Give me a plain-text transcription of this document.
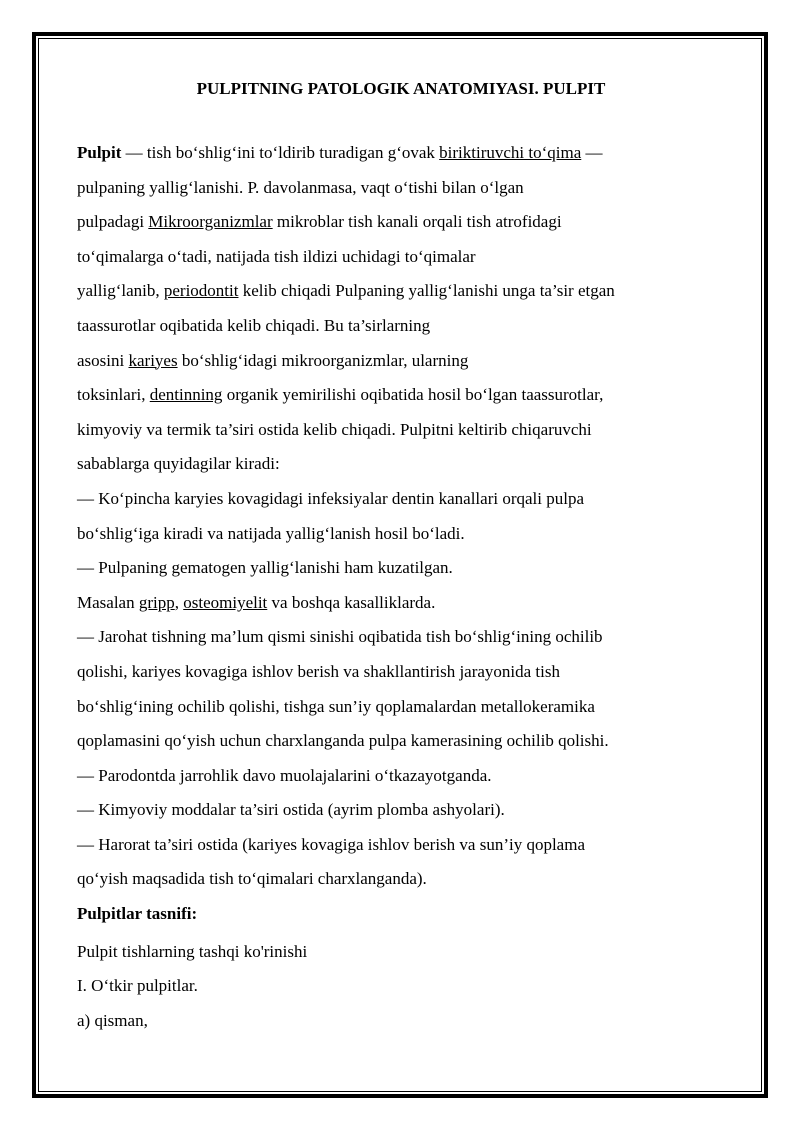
PULPITNING PATOLOGIK ANATOMIYASI. PULPIT
Pulpit — tish bo‘shlig‘ini to‘ldirib turadigan g‘ovak biriktiruvchi to‘qima —
pulpaning yallig‘lanishi. P. davolanmasa, vaqt o‘tishi bilan o‘lgan
pulpadagi Mikroorganizmlar mikroblar tish kanali orqali tish atrofidagi
to‘qimalarga o‘tadi, natijada tish ildizi uchidagi to‘qimalar
yallig‘lanib, periodontit kelib chiqadi Pulpaning yallig‘lanishi unga ta’sir etgan
taassurotlar oqibatida kelib chiqadi. Bu ta’sirlarning
asosini kariyes bo‘shlig‘idagi mikroorganizmlar, ularning
toksinlari, dentinning organik yemirilishi oqibatida hosil bo‘lgan taassurotlar,
kimyoviy va termik ta’siri ostida kelib chiqadi. Pulpitni keltirib chiqaruvchi
sabablarga quyidagilar kiradi:
— Ko‘pincha karyies kovagidagi infeksiyalar dentin kanallari orqali pulpa
bo‘shlig‘iga kiradi va natijada yallig‘lanish hosil bo‘ladi.
— Pulpaning gematogen yallig‘lanishi ham kuzatilgan.
Masalan gripp, osteomiyelit va boshqa kasalliklarda.
— Jarohat tishning ma’lum qismi sinishi oqibatida tish bo‘shlig‘ining ochilib
qolishi, kariyes kovagiga ishlov berish va shakllantirish jarayonida tish
bo‘shlig‘ining ochilib qolishi, tishga sun’iy qoplamalardan metallokeramika
qoplamasini qo‘yish uchun charxlanganda pulpa kamerasining ochilib qolishi.
— Parodontda jarrohlik davo muolajalarini o‘tkazayotganda.
— Kimyoviy moddalar ta’siri ostida (ayrim plomba ashyolari).
— Harorat ta’siri ostida (kariyes kovagiga ishlov berish va sun’iy qoplama
qo‘yish maqsadida tish to‘qimalari charxlanganda).
Pulpitlar tasnifi:
Pulpit tishlarning tashqi ko'rinishi
I. O‘tkir pulpitlar.
a) qisman,
